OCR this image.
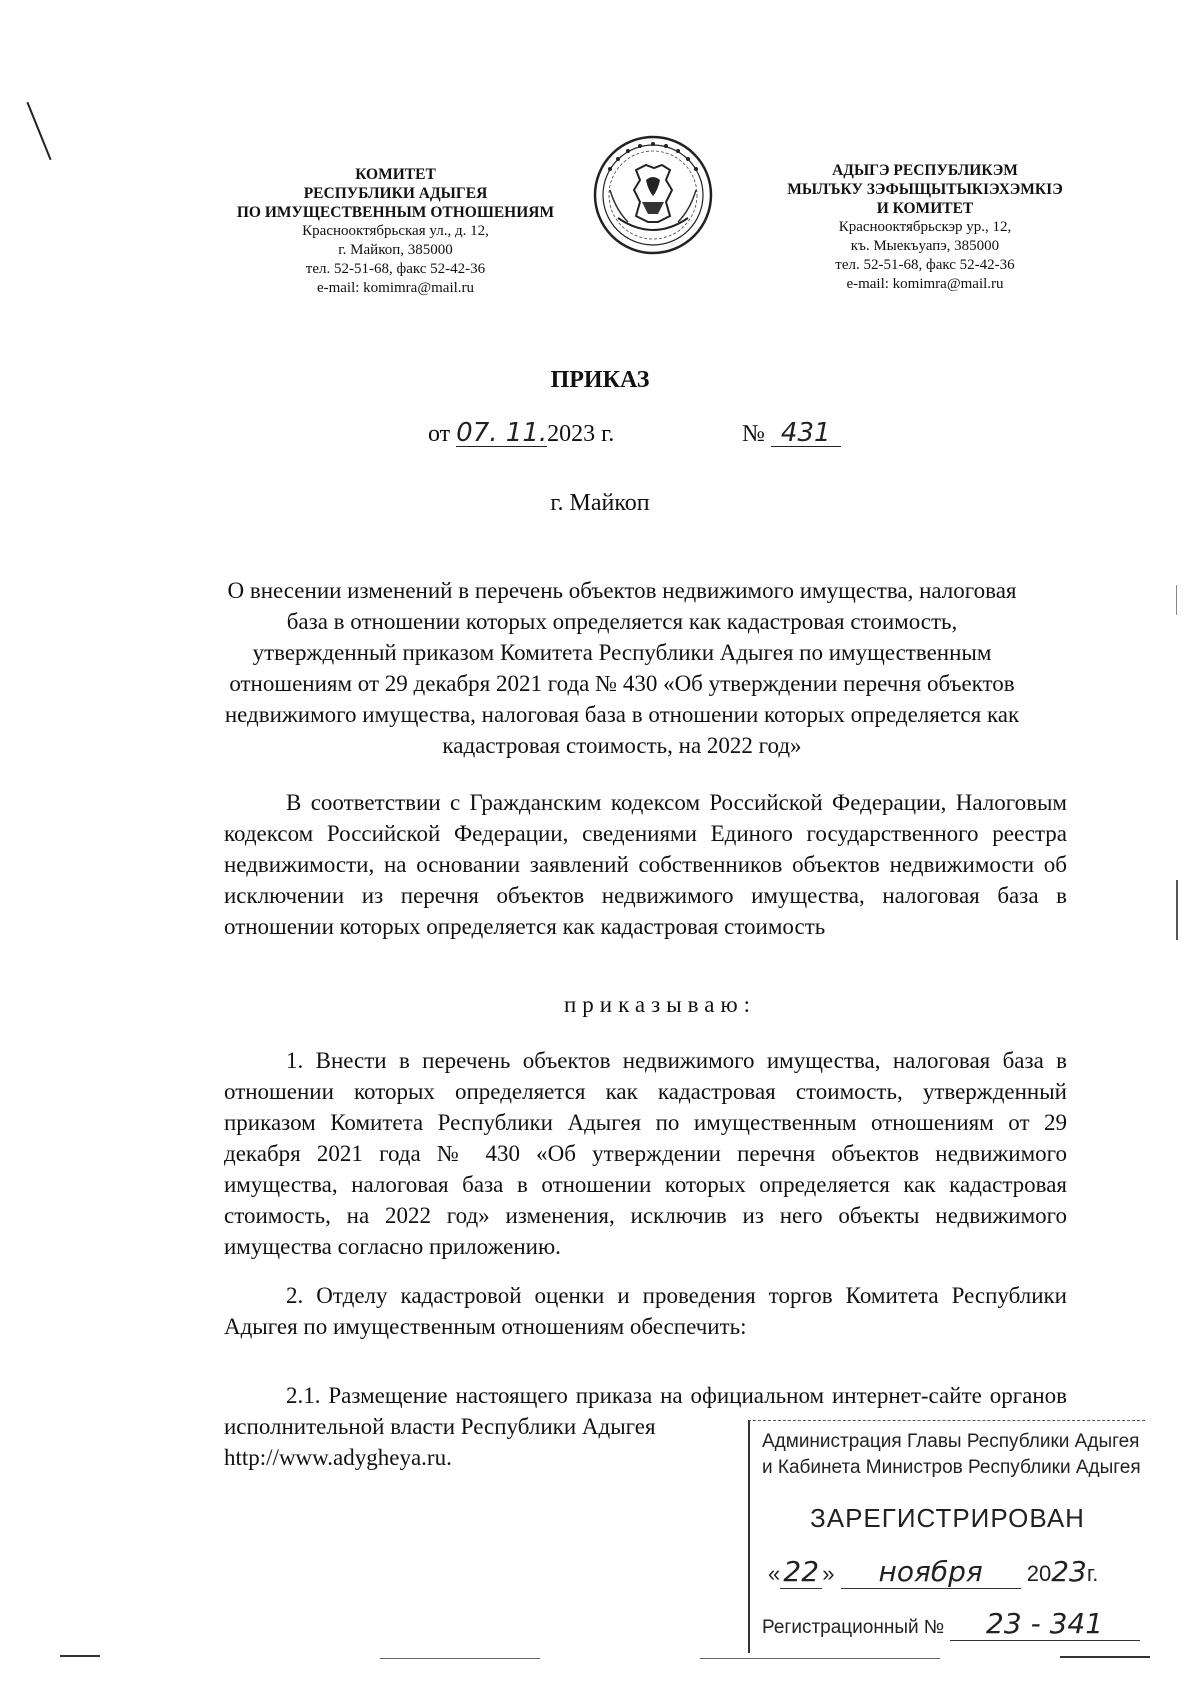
КОМИТЕТ
РЕСПУБЛИКИ АДЫГЕЯ
ПО ИМУЩЕСТВЕННЫМ ОТНОШЕНИЯМ
Краснооктябрьская ул., д. 12,
г. Майкоп, 385000
тел. 52-51-68, факс 52-42-36
e-mail: komimra@mail.ru
АДЫГЭ РЕСПУБЛИКЭМ
МЫЛЪКУ ЗЭФЫЩЫТЫКIЭХЭМКIЭ
И КОМИТЕТ
Краснооктябрьскэр ур., 12,
къ. Мыекъуапэ, 385000
тел. 52-51-68, факс 52-42-36
e-mail: komimra@mail.ru
ПРИКАЗ
от 07. 11.2023 г.	№ 431
г. Майкоп
О внесении изменений в перечень объектов недвижимого имущества, налоговая база в отношении которых определяется как кадастровая стоимость, утвержденный приказом Комитета Республики Адыгея по имущественным отношениям от 29 декабря 2021 года № 430 «Об утверждении перечня объектов недвижимого имущества, налоговая база в отношении которых определяется как кадастровая стоимость, на 2022 год»

В соответствии с Гражданским кодексом Российской Федерации, Налоговым кодексом Российской Федерации, сведениями Единого государственного реестра недвижимости, на основании заявлений собственников объектов недвижимости об исключении из перечня объектов недвижимого имущества, налоговая база в отношении которых определяется как кадастровая стоимость

приказываю:

1. Внести в перечень объектов недвижимого имущества, налоговая база в отношении которых определяется как кадастровая стоимость, утвержденный приказом Комитета Республики Адыгея по имущественным отношениям от 29 декабря 2021 года № 430 «Об утверждении перечня объектов недвижимого имущества, налоговая база в отношении которых определяется как кадастровая стоимость, на 2022 год» изменения, исключив из него объекты недвижимого имущества согласно приложению.

2. Отделу кадастровой оценки и проведения торгов Комитета Республики Адыгея по имущественным отношениям обеспечить:

2.1. Размещение настоящего приказа на официальном интернет-сайте органов исполнительной власти Республики Адыгея
http://www.adygheya.ru.

Администрация Главы Республики Адыгея
и Кабинета Министров Республики Адыгея
ЗАРЕГИСТРИРОВАН
« 22 » ноября 2023г.
Регистрационный № 23 - 341
